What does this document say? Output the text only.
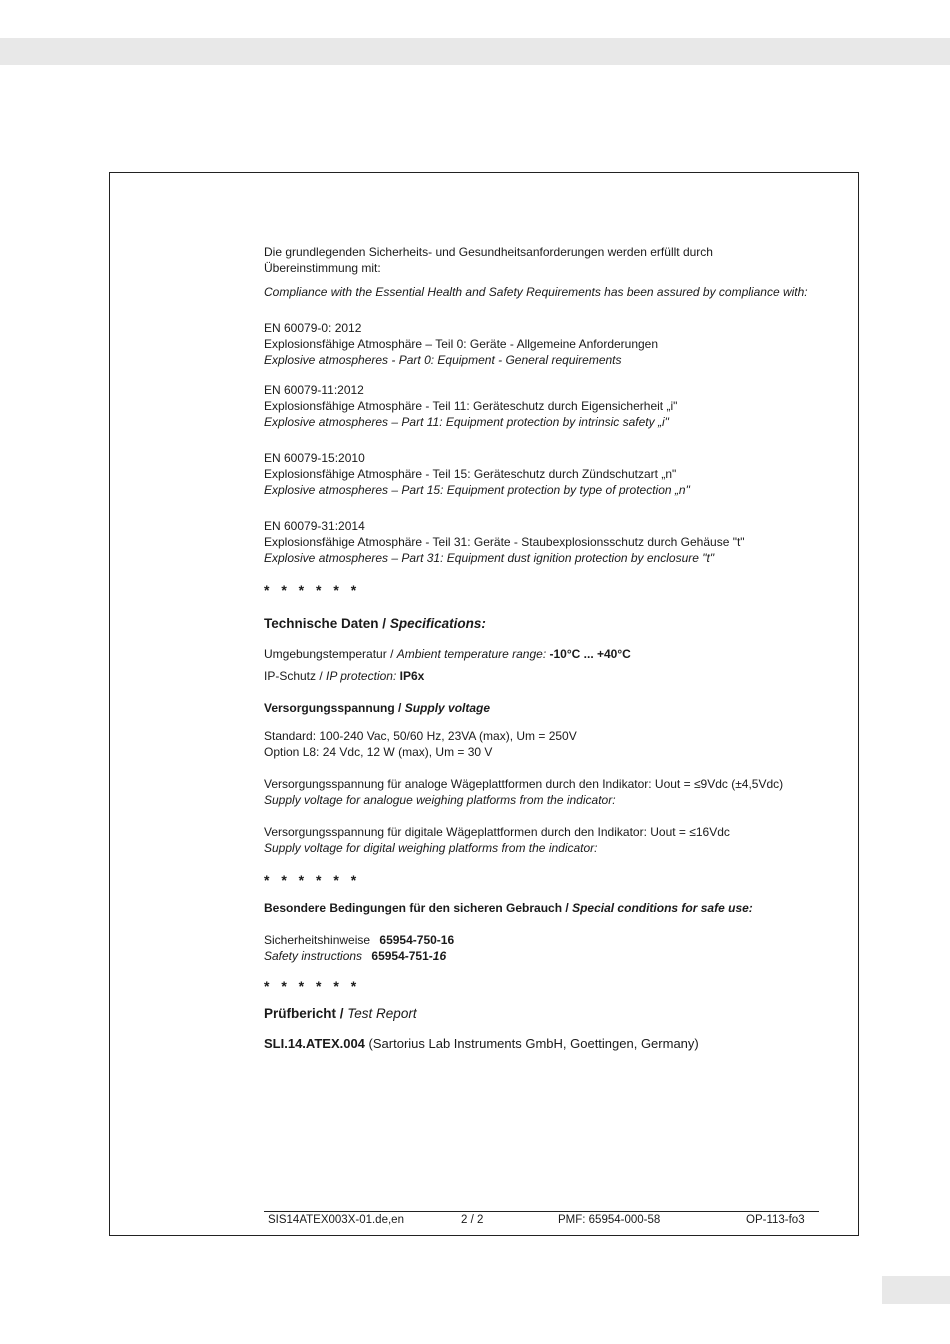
Die grundlegenden Sicherheits- und Gesundheitsanforderungen werden erfüllt durch

Übereinstimmung mit:

Compliance with the Essential Health and Safety Requirements has been assured by compliance with:

EN 60079-0: 2012

Explosionsfähige Atmosphäre – Teil 0: Geräte - Allgemeine Anforderungen

Explosive atmospheres - Part 0: Equipment - General requirements

EN 60079-11:2012

Explosionsfähige Atmosphäre - Teil 11: Geräteschutz durch Eigensicherheit „i"

Explosive atmospheres – Part 11: Equipment protection by intrinsic safety „i"

EN 60079-15:2010

Explosionsfähige Atmosphäre - Teil 15: Geräteschutz durch Zündschutzart „n"

Explosive atmospheres – Part 15: Equipment protection by type of protection „n"

EN 60079-31:2014

Explosionsfähige Atmosphäre - Teil 31: Geräte - Staubexplosionsschutz durch Gehäuse "t"

Explosive atmospheres – Part 31: Equipment dust ignition protection by enclosure "t"

* * * * * *

Technische Daten / Specifications:

Umgebungstemperatur / Ambient temperature range: -10°C ... +40°C

IP-Schutz / IP protection: IP6x

Versorgungsspannung / Supply voltage

Standard: 100-240 Vac, 50/60 Hz, 23VA (max), Um = 250V

Option L8: 24 Vdc, 12 W (max), Um = 30 V

Versorgungsspannung für analoge Wägeplattformen durch den Indikator: Uout = ≤9Vdc (±4,5Vdc)

Supply voltage for analogue weighing platforms from the indicator:

Versorgungsspannung für digitale Wägeplattformen durch den Indikator: Uout = ≤16Vdc

Supply voltage for digital weighing platforms from the indicator:

* * * * * *

Besondere Bedingungen für den sicheren Gebrauch / Special conditions for safe use:

Sicherheitshinweise 65954-750-16

Safety instructions 65954-751-16

* * * * * *

Prüfbericht / Test Report

SLI.14.ATEX.004 (Sartorius Lab Instruments GmbH, Goettingen, Germany)

SIS14ATEX003X-01.de,en	2 / 2	PMF: 65954-000-58	OP-113-fo3
